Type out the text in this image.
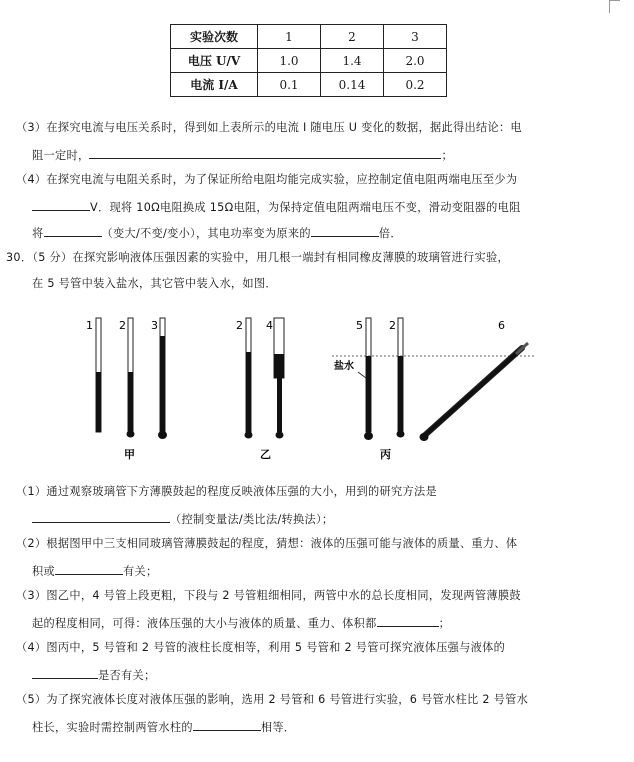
实验次数	1	2	3
电压 U/V	1.0	1.4	2.0
电流 I/A	0.1	0.14	0.2
（3）在探究电流与电压关系时，得到如上表所示的电流 I 随电压 U 变化的数据，据此得出结论：电
阻一定时，	；
（4）在探究电流与电阻关系时，为了保证所给电阻均能完成实验，应控制定值电阻两端电压至少为
V．现将 10Ω电阻换成 15Ω电阻，为保持定值电阻两端电压不变，滑动变阻器的电阻
将	（变大/不变/变小），其电功率变为原来的	倍．
30．（5 分）在探究影响液体压强因素的实验中，用几根一端封有相同橡皮薄膜的玻璃管进行实验，
在 5 号管中装入盐水，其它管中装入水，如图．
1 2 3
甲
2 4
乙
5
盐水
2	6
丙
（1）通过观察玻璃管下方薄膜鼓起的程度反映液体压强的大小，用到的研究方法是
（控制变量法/类比法/转换法）；
（2）根据图甲中三支相同玻璃管薄膜鼓起的程度，猜想：液体的压强可能与液体的质量、重力、体
积或	有关；
（3）图乙中，4 号管上段更粗，下段与 2 号管粗细相同，两管中水的总长度相同，发现两管薄膜鼓
起的程度相同，可得：液体压强的大小与液体的质量、重力、体积都	；
（4）图丙中，5 号管和 2 号管的液柱长度相等，利用 5 号管和 2 号管可探究液体压强与液体的
是否有关；
（5）为了探究液体长度对液体压强的影响，选用 2 号管和 6 号管进行实验，6 号管水柱比 2 号管水
柱长，实验时需控制两管水柱的	相等．
